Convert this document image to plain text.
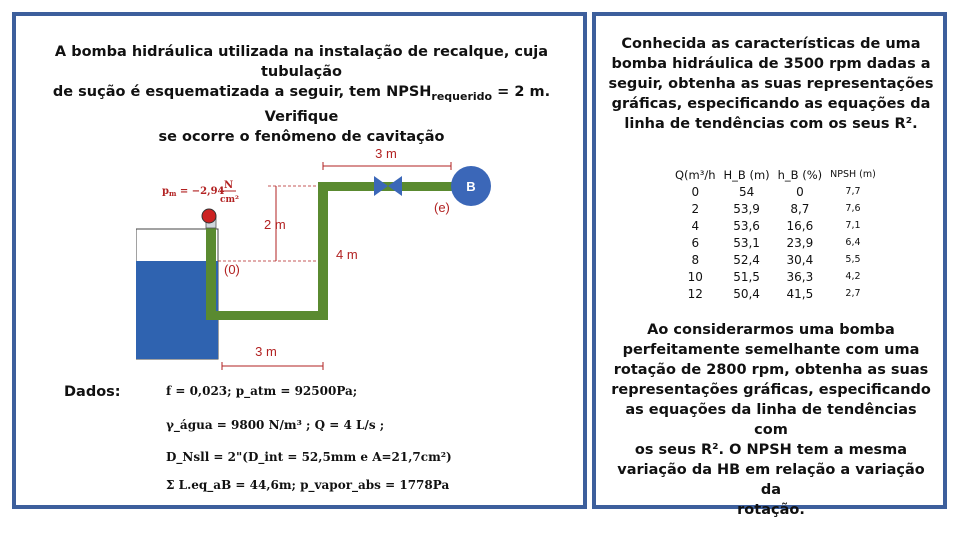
A bomba hidráulica utilizada na instalação de recalque, cuja tubulação
de sução é esquematizada a seguir, tem $NPSH_{requerido} = 2$ m. Verifique
se ocorre o fenômeno de cavitação
B
$p_m = -2,94$
N
cm²
3 m
2 m
(0)
4 m
(e)
3 m
Dados:	f = 0,023; p_atm = 92500Pa;
γ_água = 9800 N/m³ ; Q = 4 L/s ;
D_Nsll = 2"(D_int = 52,5mm e A=21,7cm²)
Σ L.eq_aB = 44,6m; p_vapor_abs = 1778Pa
Conhecida as características de uma
bomba hidráulica de 3500 rpm dadas a
seguir, obtenha as suas representações
gráficas, especificando as equações da
linha de tendências com os seus R².
Q(m³/h	H_B (m)	h_B (%)	NPSH (m)
0	54	0	7,7
2	53,9	8,7	7,6
4	53,6	16,6	7,1
6	53,1	23,9	6,4
8	52,4	30,4	5,5
10	51,5	36,3	4,2
12	50,4	41,5	2,7
Ao considerarmos uma bomba
perfeitamente semelhante com uma
rotação de 2800 rpm, obtenha as suas
representações gráficas, especificando
as equações da linha de tendências com
os seus R². O NPSH tem a mesma
variação da HB em relação a variação da
rotação.
